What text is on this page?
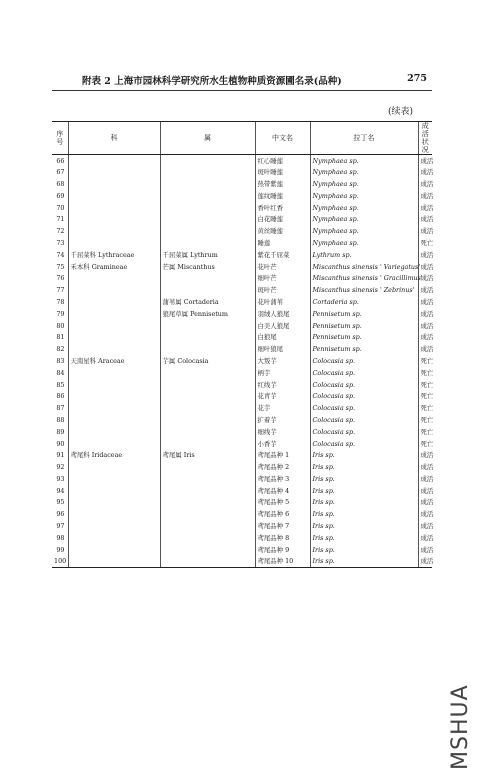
附表 2 上海市园林科学研究所水生植物种质资源圃名录(品种)	275
(续表)
序号	科	属	中文名	拉丁名	成活状况
66			红心睡莲	Nymphaea sp.	成活
67			斑叶睡莲	Nymphaea sp.	成活
68			热带紫莲	Nymphaea sp.	成活
69			莲纹睡莲	Nymphaea sp.	成活
70			香叶红香	Nymphaea sp.	成活
71			白花睡莲	Nymphaea sp.	成活
72			黄丝睡莲	Nymphaea sp.	成活
73			睡莲	Nymphaea sp.	死亡
74	千屈菜科 Lythraceae	千屈菜属 Lythrum	紫花千屈菜	Lythrum sp.	成活
75	禾本科 Gramineae	芒属 Miscanthus	花叶芒	Miscanthus sinensis ' Variegatus'	成活
76			细叶芒	Miscanthus sinensis ' Gracillimus'	成活
77			斑叶芒	Miscanthus sinensis ' Zebrinus'	成活
78		蒲苇属 Cortaderia	花叶蒲苇	Cortaderia sp.	成活
79		狼尾草属 Pennisetum	羽绒人狼尾	Pennisetum sp.	成活
80			白美人狼尾	Pennisetum sp.	成活
81			白狼尾	Pennisetum sp.	成活
82			细叶狼尾	Pennisetum sp.	成活
83	天南星科 Araceae	芋属 Colocasia	大叛芋	Colocasia sp.	死亡
84			柄芋	Colocasia sp.	死亡
85			红线芋	Colocasia sp.	死亡
86			花青芋	Colocasia sp.	死亡
87			花芋	Colocasia sp.	死亡
88			扩着芋	Colocasia sp.	死亡
89			细线芋	Colocasia sp.	死亡
90			小香芋	Colocasia sp.	死亡
91	鸢尾科 Iridaceae	鸢尾属 Iris	鸢尾品种 1	Iris sp.	成活
92			鸢尾品种 2	Iris sp.	成活
93			鸢尾品种 3	Iris sp.	成活
94			鸢尾品种 4	Iris sp.	成活
95			鸢尾品种 5	Iris sp.	成活
96			鸢尾品种 6	Iris sp.	成活
97			鸢尾品种 7	Iris sp.	成活
98			鸢尾品种 8	Iris sp.	成活
99			鸢尾品种 9	Iris sp.	成活
100			鸢尾品种 10	Iris sp.	成活
MSHUA
